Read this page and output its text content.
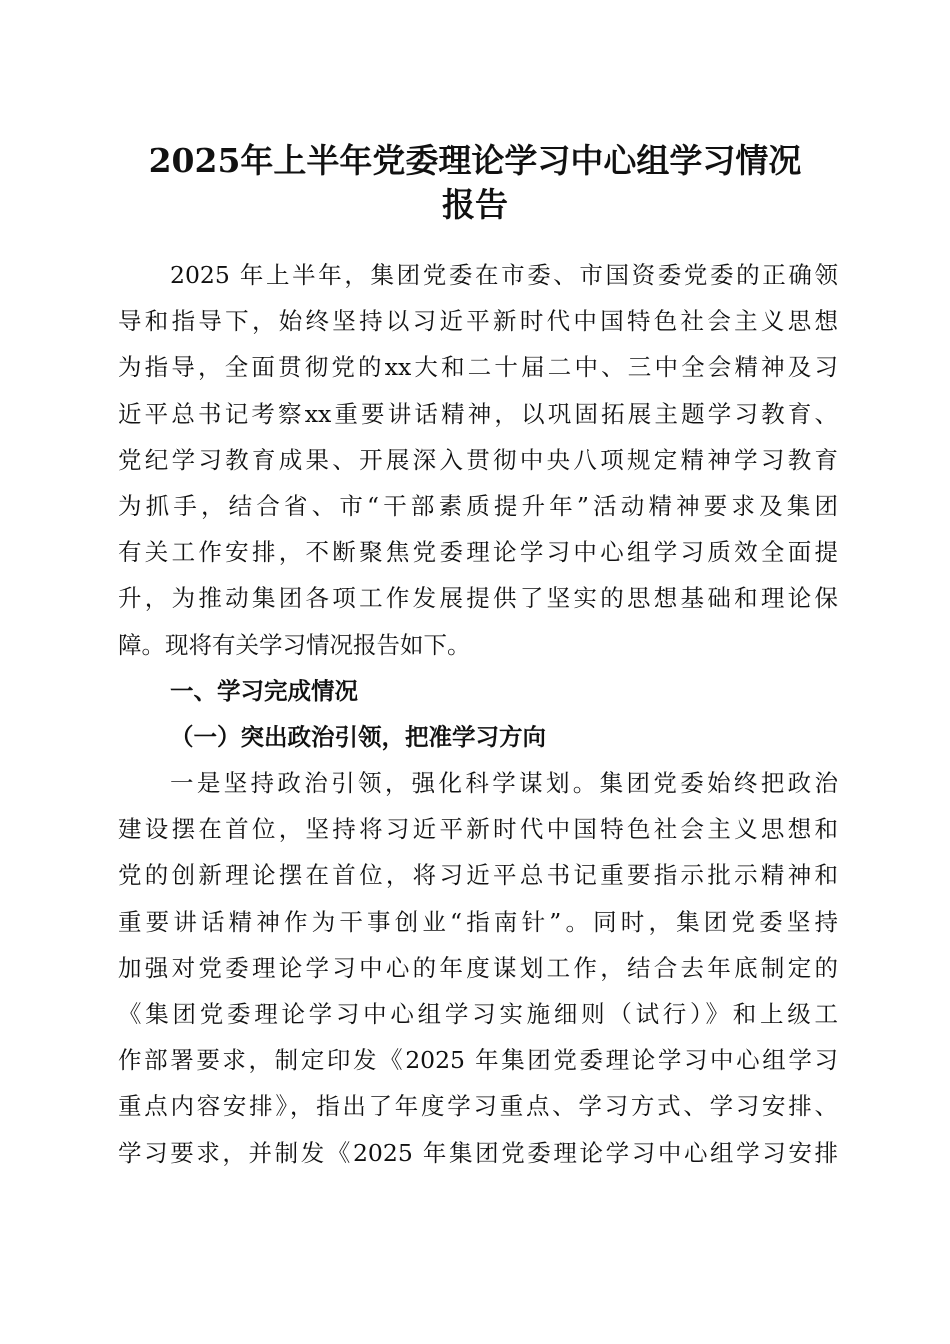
2025年上半年党委理论学习中心组学习情况
报告
2025 年上半年，集团党委在市委、市国资委党委的正确领
导和指导下，始终坚持以习近平新时代中国特色社会主义思想
为指导，全面贯彻党的xx大和二十届二中、三中全会精神及习
近平总书记考察xx重要讲话精神，以巩固拓展主题学习教育、
党纪学习教育成果、开展深入贯彻中央八项规定精神学习教育
为抓手，结合省、市“干部素质提升年”活动精神要求及集团
有关工作安排，不断聚焦党委理论学习中心组学习质效全面提
升，为推动集团各项工作发展提供了坚实的思想基础和理论保
障。现将有关学习情况报告如下。
一、学习完成情况
（一）突出政治引领，把准学习方向
一是坚持政治引领，强化科学谋划。集团党委始终把政治
建设摆在首位，坚持将习近平新时代中国特色社会主义思想和
党的创新理论摆在首位，将习近平总书记重要指示批示精神和
重要讲话精神作为干事创业“指南针”。同时，集团党委坚持
加强对党委理论学习中心的年度谋划工作，结合去年底制定的
《集团党委理论学习中心组学习实施细则（试行）》和上级工
作部署要求，制定印发《2025 年集团党委理论学习中心组学习
重点内容安排》，指出了年度学习重点、学习方式、学习安排、
学习要求，并制发《2025 年集团党委理论学习中心组学习安排
